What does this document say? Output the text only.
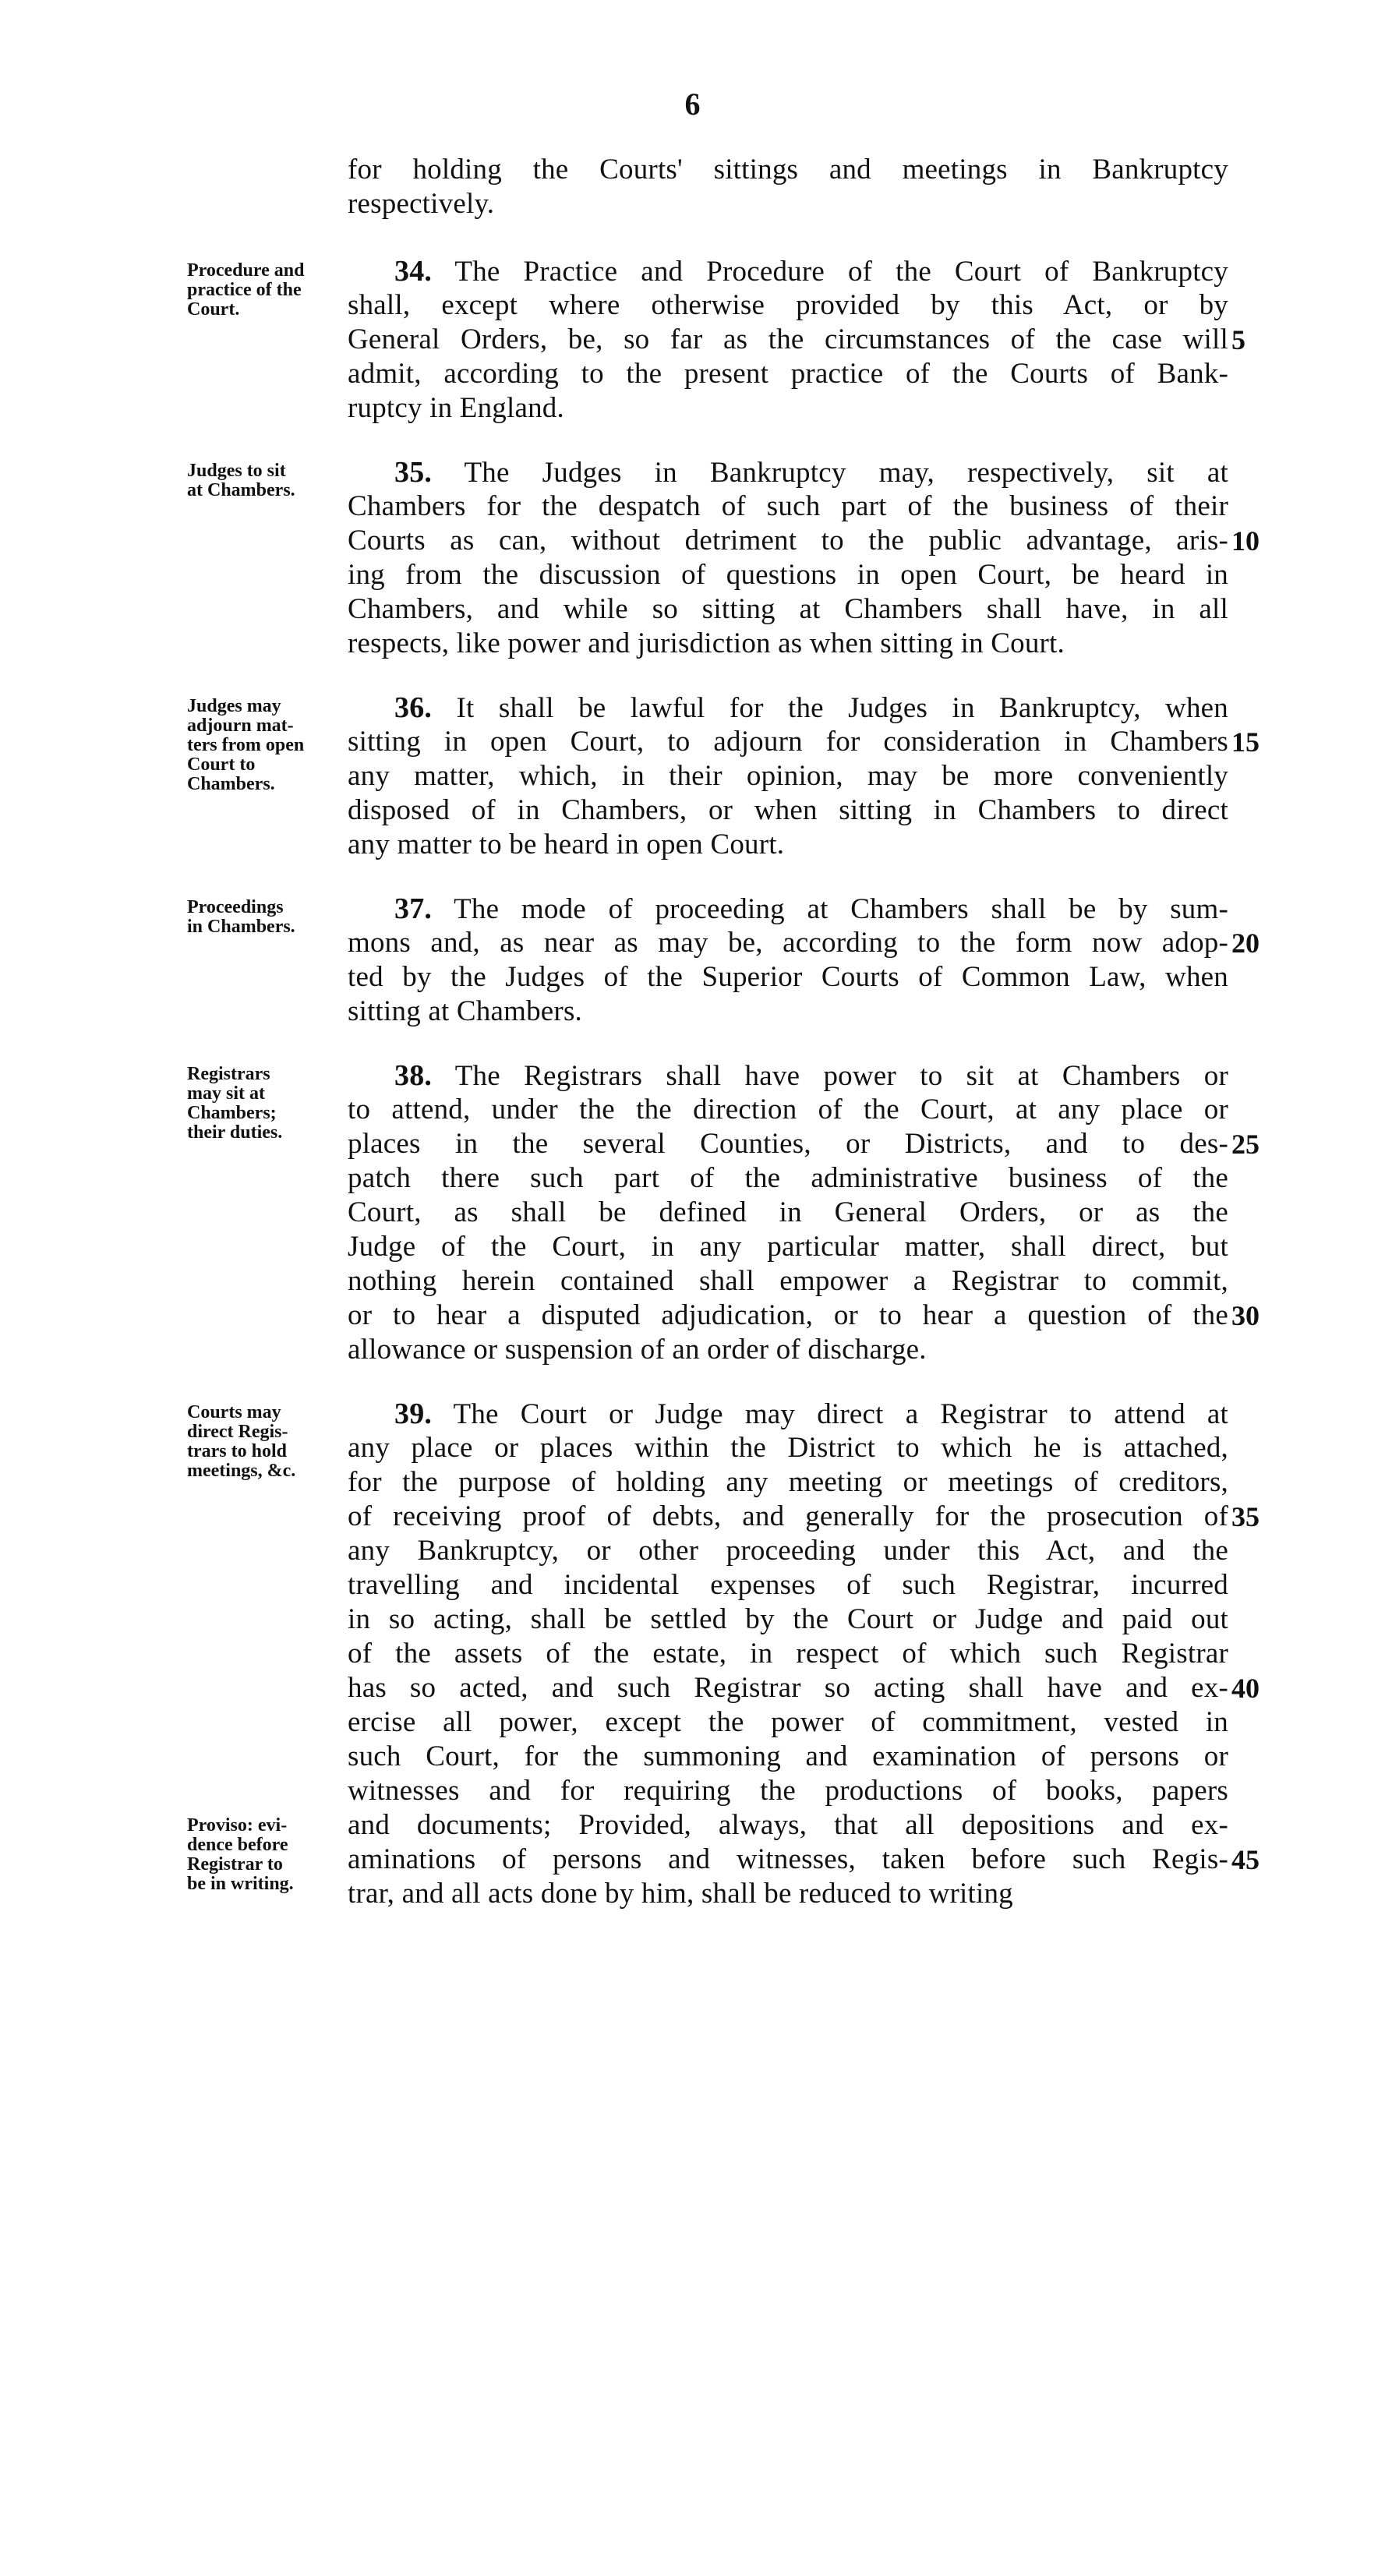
6
for holding the Courts' sittings and meetings in Bankruptcy
respectively.
Procedure and
practice of the
Court.
34. The Practice and Procedure of the Court of Bankruptcy
shall, except where otherwise provided by this Act, or by
General Orders, be, so far as the circumstances of the case will
admit, according to the present practice of the Courts of Bank-
ruptcy in England.
5
Judges to sit
at Chambers.
35. The Judges in Bankruptcy may, respectively, sit at
Chambers for the despatch of such part of the business of their
Courts as can, without detriment to the public advantage, aris-
ing from the discussion of questions in open Court, be heard in
Chambers, and while so sitting at Chambers shall have, in all
respects, like power and jurisdiction as when sitting in Court.
10
Judges may
adjourn mat-
ters from open
Court to
Chambers.
36. It shall be lawful for the Judges in Bankruptcy, when
sitting in open Court, to adjourn for consideration in Chambers
any matter, which, in their opinion, may be more conveniently
disposed of in Chambers, or when sitting in Chambers to direct
any matter to be heard in open Court.
15
Proceedings
in Chambers.
37. The mode of proceeding at Chambers shall be by sum-
mons and, as near as may be, according to the form now adop-
ted by the Judges of the Superior Courts of Common Law, when
sitting at Chambers.
20
Registrars
may sit at
Chambers;
their duties.
38. The Registrars shall have power to sit at Chambers or
to attend, under the the direction of the Court, at any place or
places in the several Counties, or Districts, and to des-
patch there such part of the administrative business of the
Court, as shall be defined in General Orders, or as the
Judge of the Court, in any particular matter, shall direct, but
nothing herein contained shall empower a Registrar to commit,
or to hear a disputed adjudication, or to hear a question of the
allowance or suspension of an order of discharge.
25
30
Courts may
direct Regis-
trars to hold
meetings, &c.
39. The Court or Judge may direct a Registrar to attend at
any place or places within the District to which he is attached,
for the purpose of holding any meeting or meetings of creditors,
of receiving proof of debts, and generally for the prosecution of
any Bankruptcy, or other proceeding under this Act, and the
travelling and incidental expenses of such Registrar, incurred
in so acting, shall be settled by the Court or Judge and paid out
of the assets of the estate, in respect of which such Registrar
has so acted, and such Registrar so acting shall have and ex-
ercise all power, except the power of commitment, vested in
such Court, for the summoning and examination of persons or
witnesses and for requiring the productions of books, papers
and documents; Provided, always, that all depositions and ex-
aminations of persons and witnesses, taken before such Regis-
trar, and all acts done by him, shall be reduced to writing
35
40
45
Proviso: evi-
dence before
Registrar to
be in writing.
